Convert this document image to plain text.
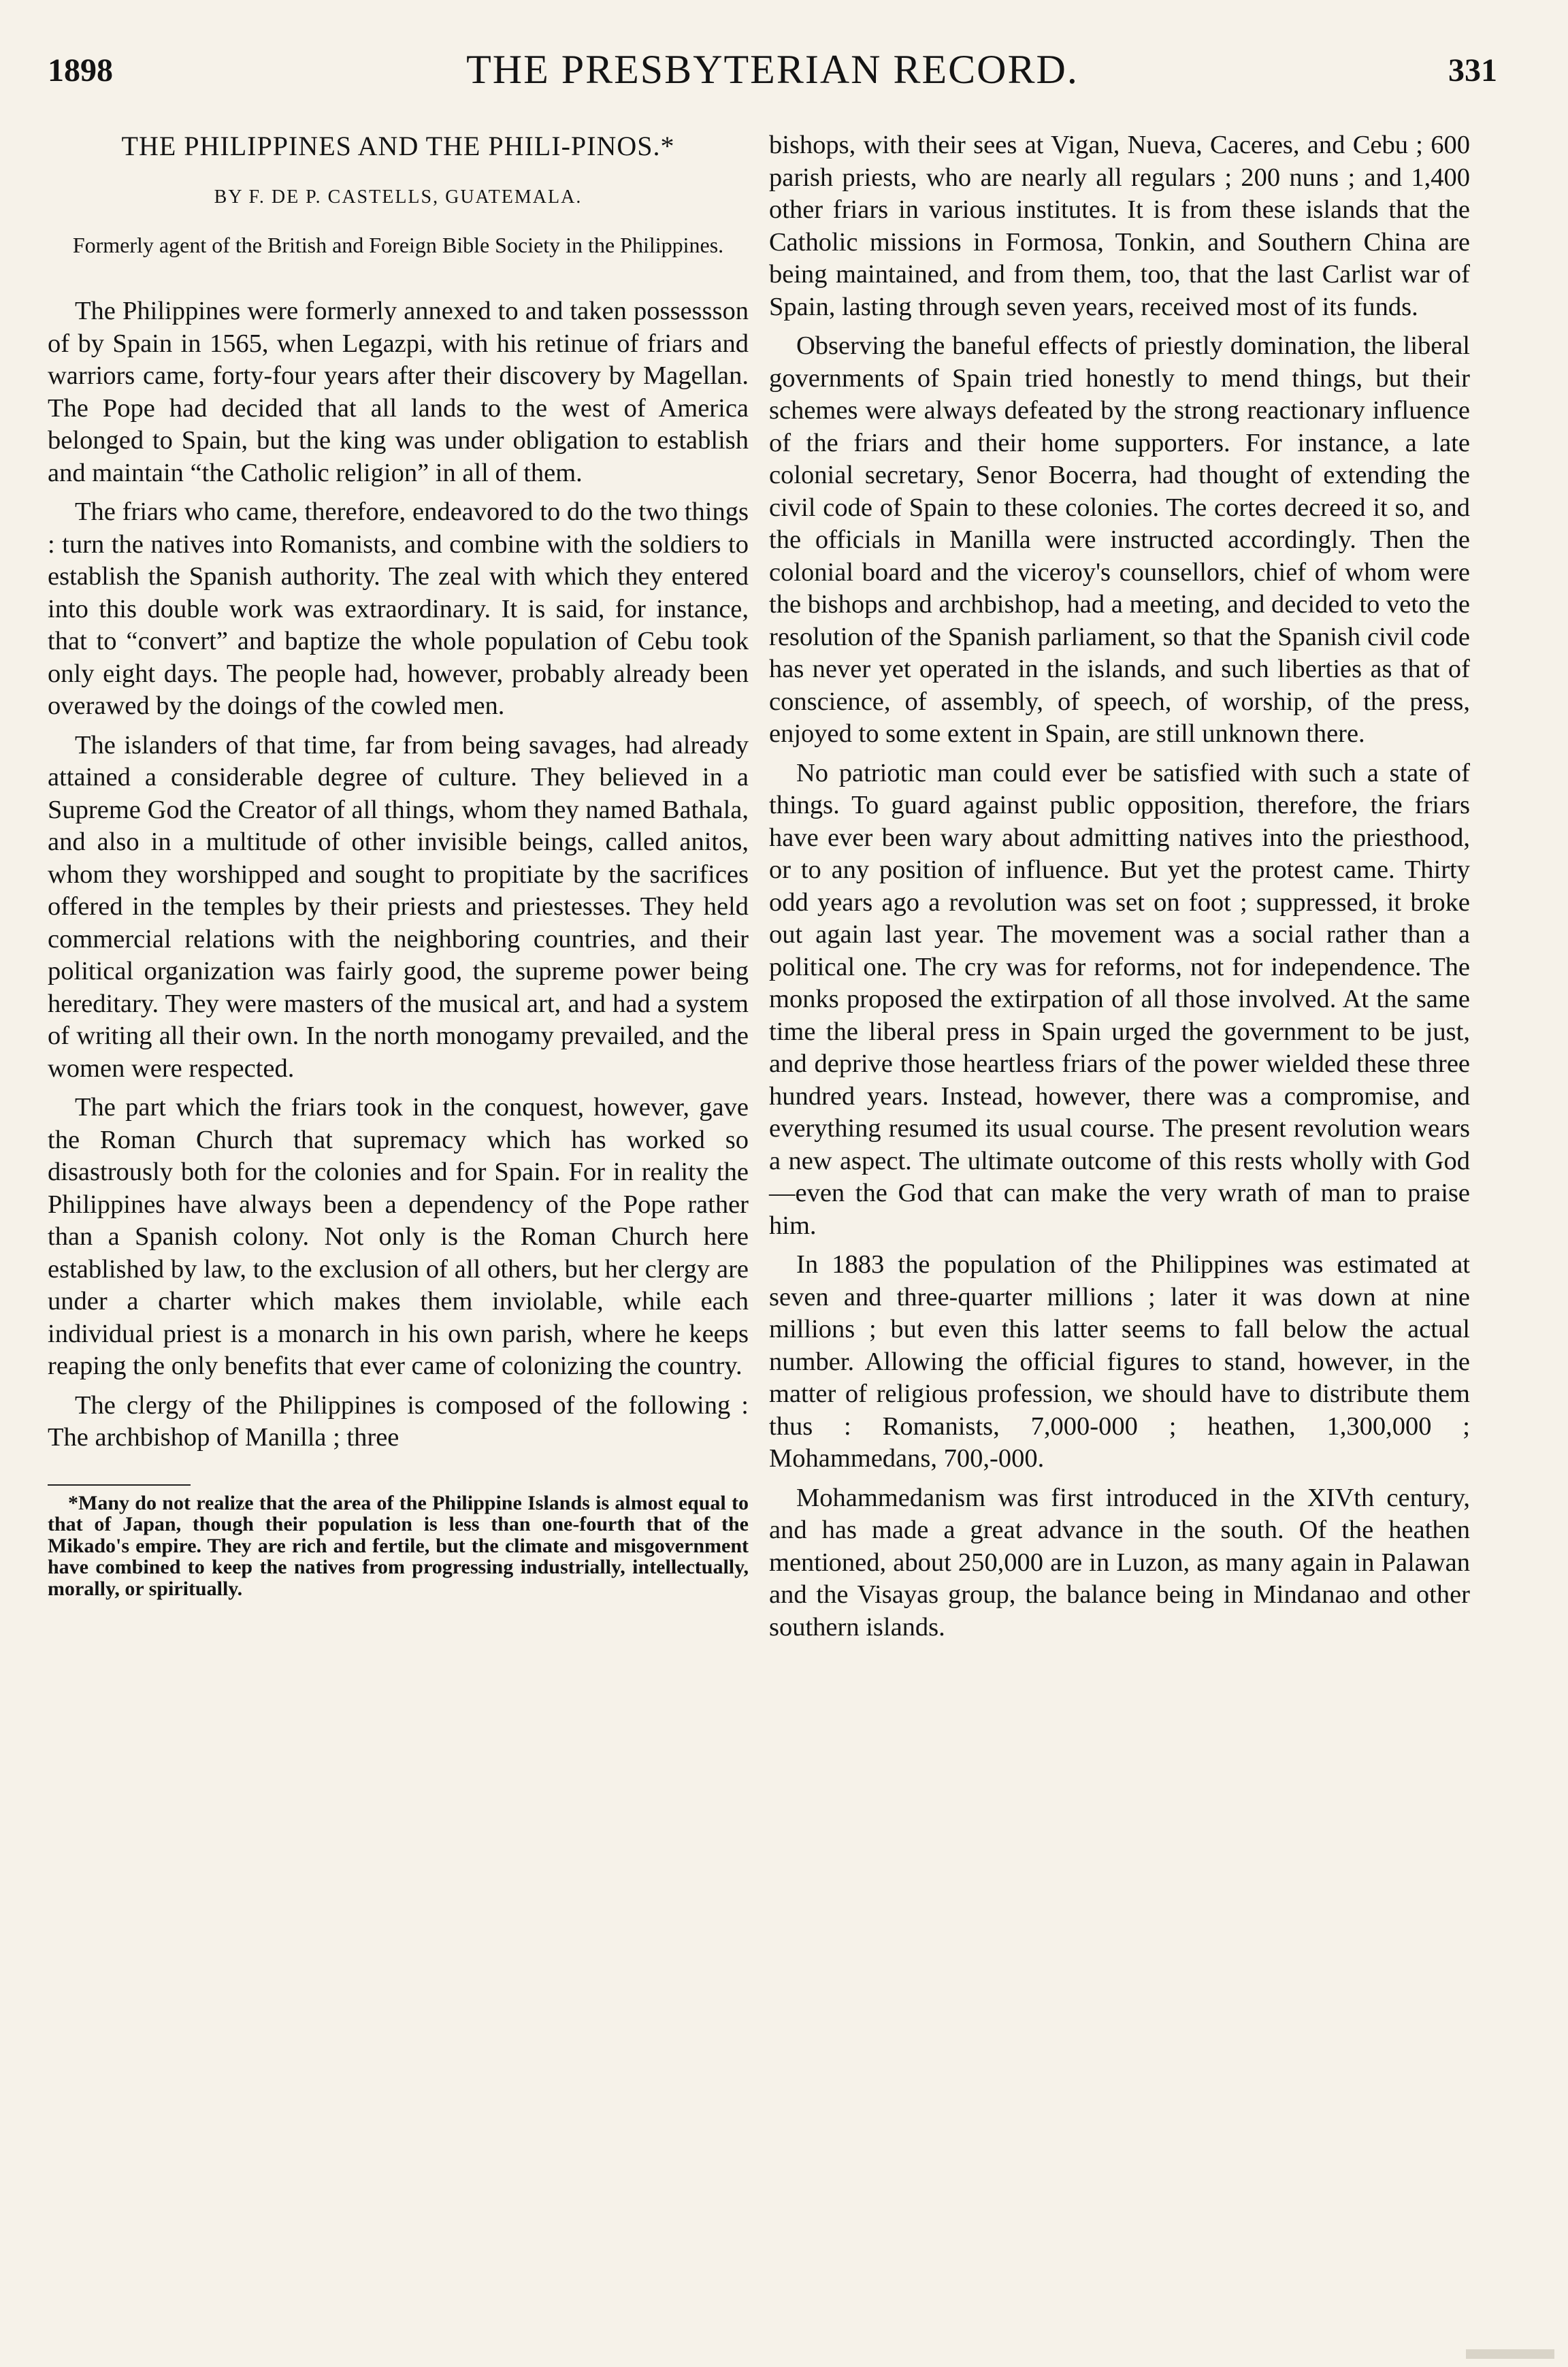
1898	THE PRESBYTERIAN RECORD.	331
THE PHILIPPINES AND THE PHILI-PINOS.*
BY F. DE P. CASTELLS, GUATEMALA.
Formerly agent of the British and Foreign Bible Society in the Philippines.

The Philippines were formerly annexed to and taken possessson of by Spain in 1565, when Legazpi, with his retinue of friars and warriors came, forty-four years after their discovery by Magellan. The Pope had decided that all lands to the west of America belonged to Spain, but the king was under obligation to establish and maintain “the Catholic religion” in all of them.

The friars who came, therefore, endeavored to do the two things : turn the natives into Romanists, and combine with the soldiers to establish the Spanish authority. The zeal with which they entered into this double work was extraordinary. It is said, for instance, that to “convert” and baptize the whole population of Cebu took only eight days. The people had, however, probably already been overawed by the doings of the cowled men.

The islanders of that time, far from being savages, had already attained a considerable degree of culture. They believed in a Supreme God the Creator of all things, whom they named Bathala, and also in a multitude of other invisible beings, called anitos, whom they worshipped and sought to propitiate by the sacrifices offered in the temples by their priests and priestesses. They held commercial relations with the neighboring countries, and their political organization was fairly good, the supreme power being hereditary. They were masters of the musical art, and had a system of writing all their own. In the north monogamy prevailed, and the women were respected.

The part which the friars took in the conquest, however, gave the Roman Church that supremacy which has worked so disastrously both for the colonies and for Spain. For in reality the Philippines have always been a dependency of the Pope rather than a Spanish colony. Not only is the Roman Church here established by law, to the exclusion of all others, but her clergy are under a charter which makes them inviolable, while each individual priest is a monarch in his own parish, where he keeps reaping the only benefits that ever came of colonizing the country.

The clergy of the Philippines is composed of the following : The archbishop of Manilla ; three

*Many do not realize that the area of the Philippine Islands is almost equal to that of Japan, though their population is less than one-fourth that of the Mikado's empire. They are rich and fertile, but the climate and misgovernment have combined to keep the natives from progressing industrially, intellectually, morally, or spiritually.

bishops, with their sees at Vigan, Nueva, Caceres, and Cebu ; 600 parish priests, who are nearly all regulars ; 200 nuns ; and 1,400 other friars in various institutes. It is from these islands that the Catholic missions in Formosa, Tonkin, and Southern China are being maintained, and from them, too, that the last Carlist war of Spain, lasting through seven years, received most of its funds.

Observing the baneful effects of priestly domination, the liberal governments of Spain tried honestly to mend things, but their schemes were always defeated by the strong reactionary influence of the friars and their home supporters. For instance, a late colonial secretary, Senor Bocerra, had thought of extending the civil code of Spain to these colonies. The cortes decreed it so, and the officials in Manilla were instructed accordingly. Then the colonial board and the viceroy's counsellors, chief of whom were the bishops and archbishop, had a meeting, and decided to veto the resolution of the Spanish parliament, so that the Spanish civil code has never yet operated in the islands, and such liberties as that of conscience, of assembly, of speech, of worship, of the press, enjoyed to some extent in Spain, are still unknown there.

No patriotic man could ever be satisfied with such a state of things. To guard against public opposition, therefore, the friars have ever been wary about admitting natives into the priesthood, or to any position of influence. But yet the protest came. Thirty odd years ago a revolution was set on foot ; suppressed, it broke out again last year. The movement was a social rather than a political one. The cry was for reforms, not for independence. The monks proposed the extirpation of all those involved. At the same time the liberal press in Spain urged the government to be just, and deprive those heartless friars of the power wielded these three hundred years. Instead, however, there was a compromise, and everything resumed its usual course. The present revolution wears a new aspect. The ultimate outcome of this rests wholly with God—even the God that can make the very wrath of man to praise him.

In 1883 the population of the Philippines was estimated at seven and three-quarter millions ; later it was down at nine millions ; but even this latter seems to fall below the actual number. Allowing the official figures to stand, however, in the matter of religious profession, we should have to distribute them thus : Romanists, 7,000-000 ; heathen, 1,300,000 ; Mohammedans, 700,-000.

Mohammedanism was first introduced in the XIVth century, and has made a great advance in the south. Of the heathen mentioned, about 250,000 are in Luzon, as many again in Palawan and the Visayas group, the balance being in Mindanao and other southern islands.
